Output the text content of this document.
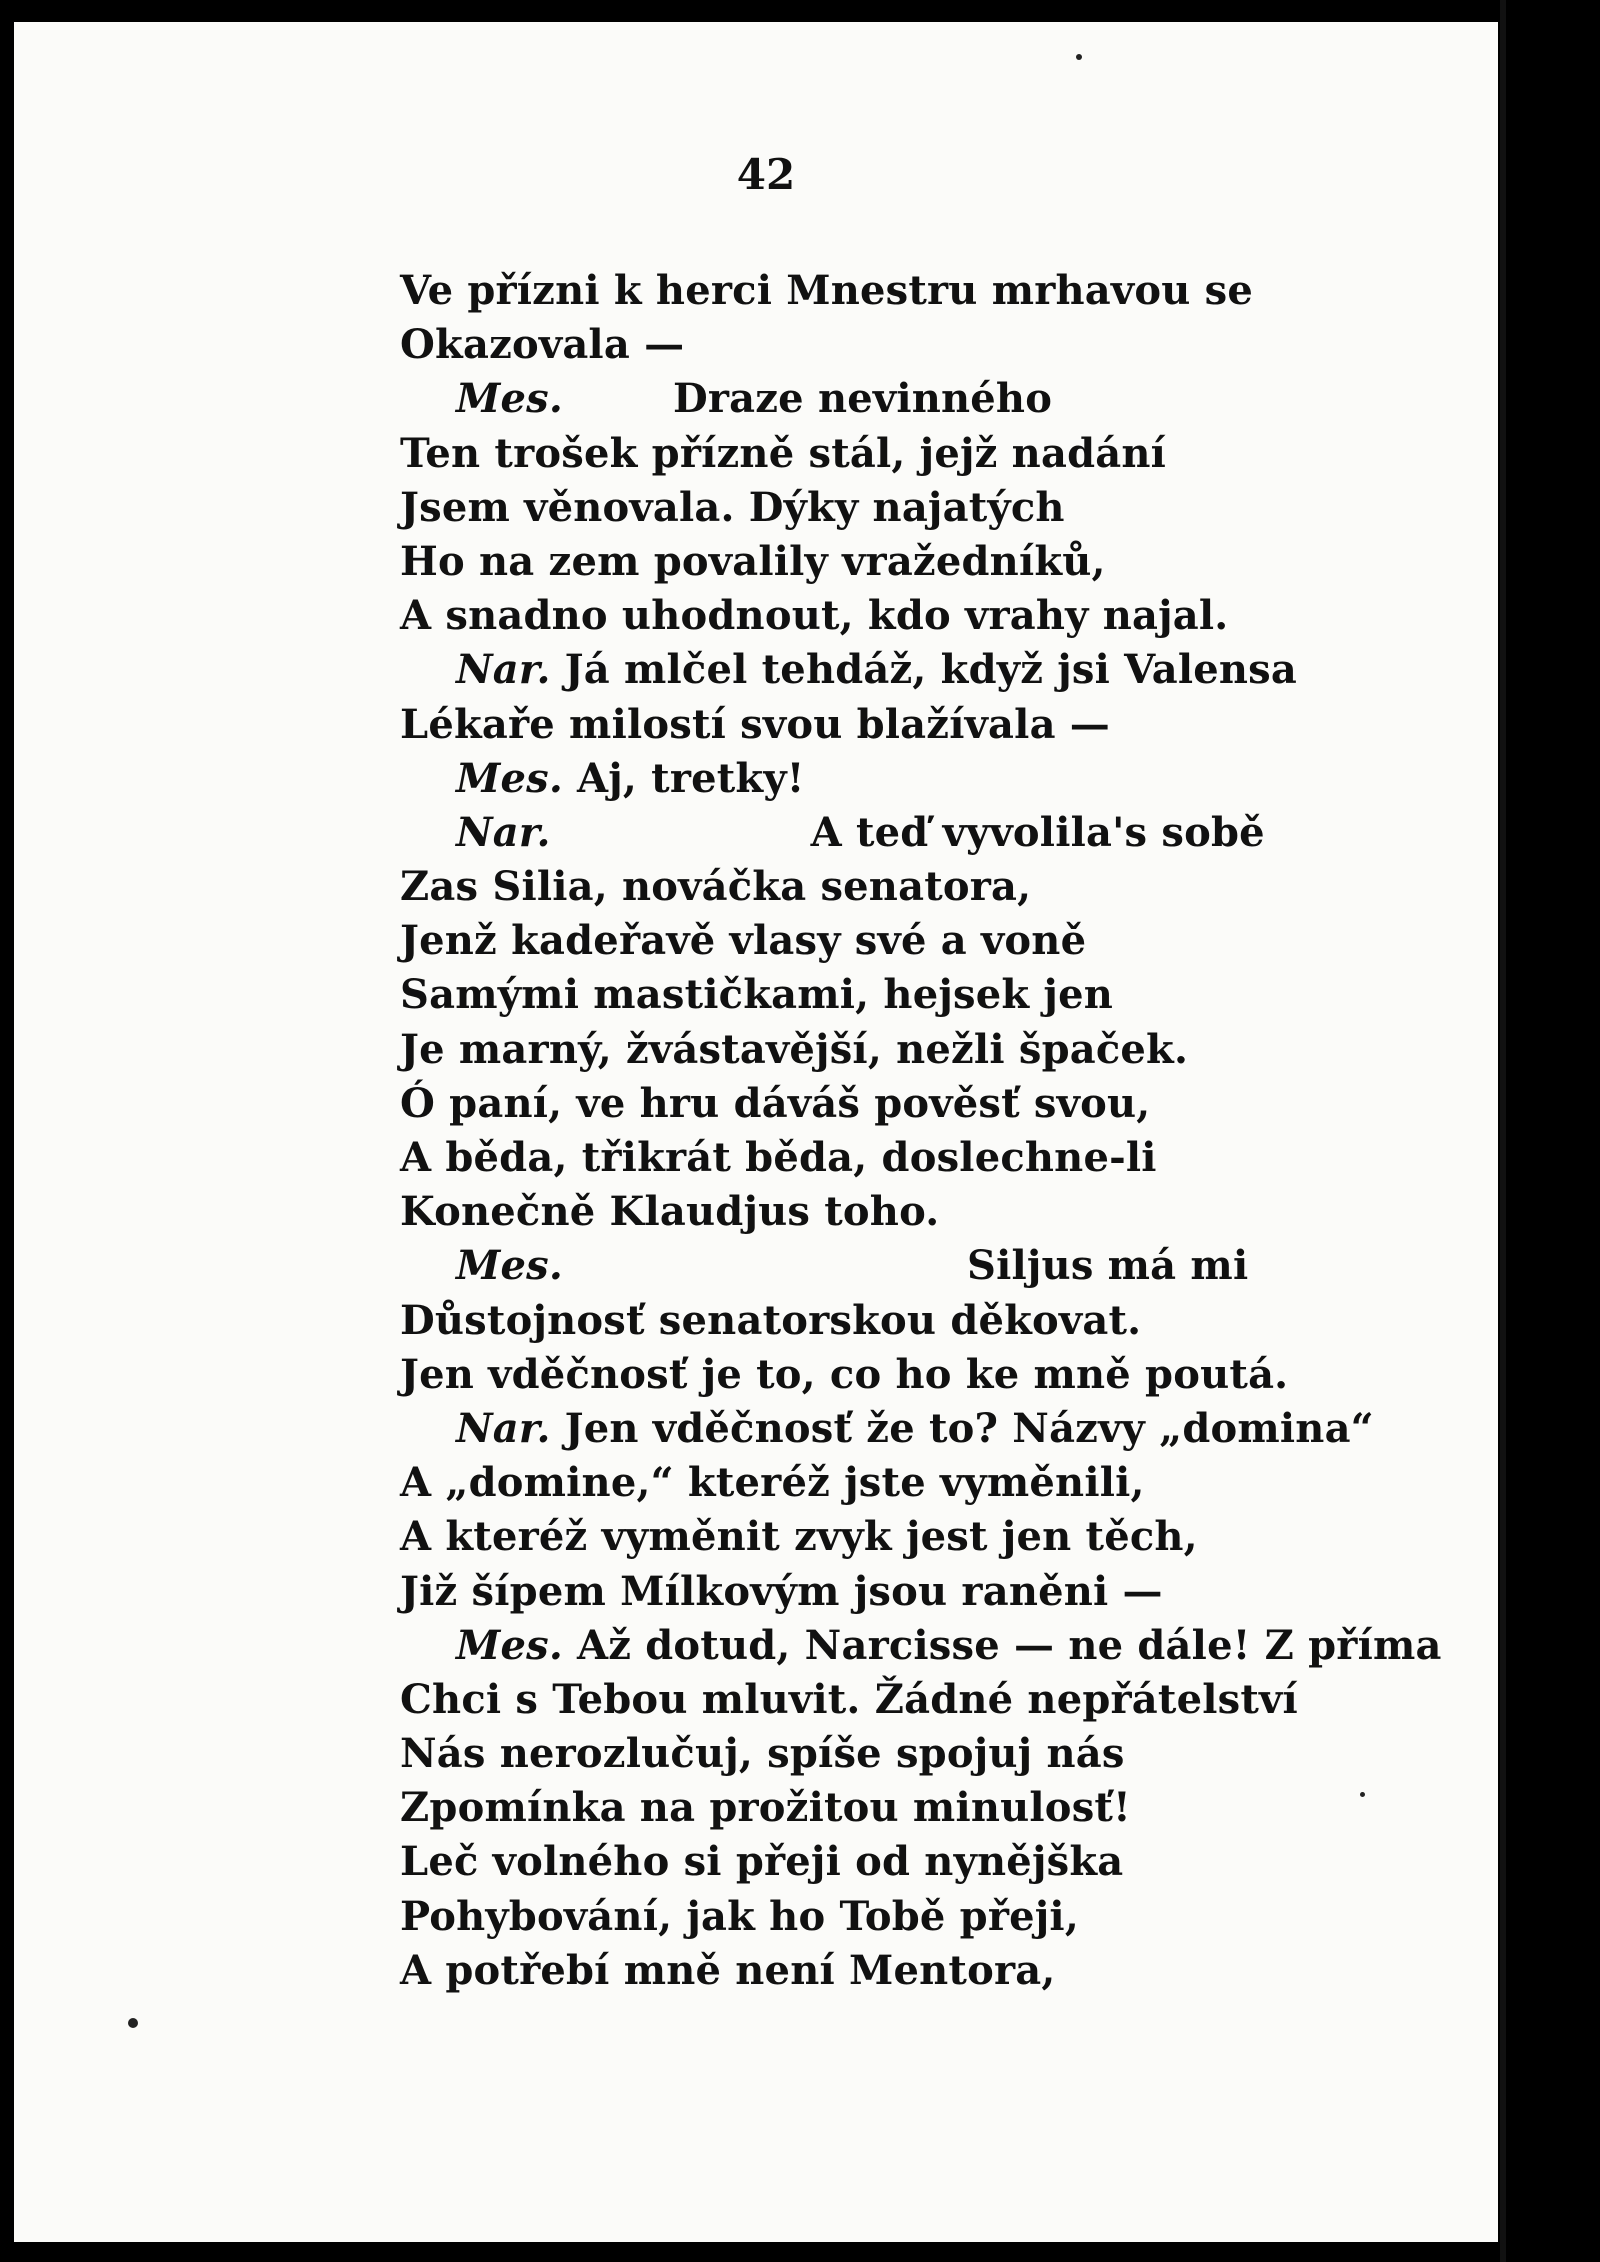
42
Ve přízni k herci Mnestru mrhavou se
Okazovala —
Mes.	Draze nevinného
Ten trošek přízně stál, jejž nadání
Jsem věnovala. Dýky najatých
Ho na zem povalily vražedníků,
A snadno uhodnout, kdo vrahy najal.
Nar. Já mlčel tehdáž, když jsi Valensa
Lékaře milostí svou blažívala —
Mes. Aj, tretky!
Nar.	A teď vyvolila's sobě
Zas Silia, nováčka senatora,
Jenž kadeřavě vlasy své a voně
Samými mastičkami, hejsek jen
Je marný, žvástavější, nežli špaček.
Ó paní, ve hru dáváš pověsť svou,
A běda, třikrát běda, doslechne-li
Konečně Klaudjus toho.
Mes.	Siljus má mi
Důstojnosť senatorskou děkovat.
Jen vděčnosť je to, co ho ke mně poutá.
Nar. Jen vděčnosť že to? Názvy „domina“
A „domine,“ kteréž jste vyměnili,
A kteréž vyměnit zvyk jest jen těch,
Již šípem Mílkovým jsou raněni —
Mes. Až dotud, Narcisse — ne dále! Z příma
Chci s Tebou mluvit. Žádné nepřátelství
Nás nerozlučuj, spíše spojuj nás
Zpomínka na prožitou minulosť!
Leč volného si přeji od nynějška
Pohybování, jak ho Tobě přeji,
A potřebí mně není Mentora,
